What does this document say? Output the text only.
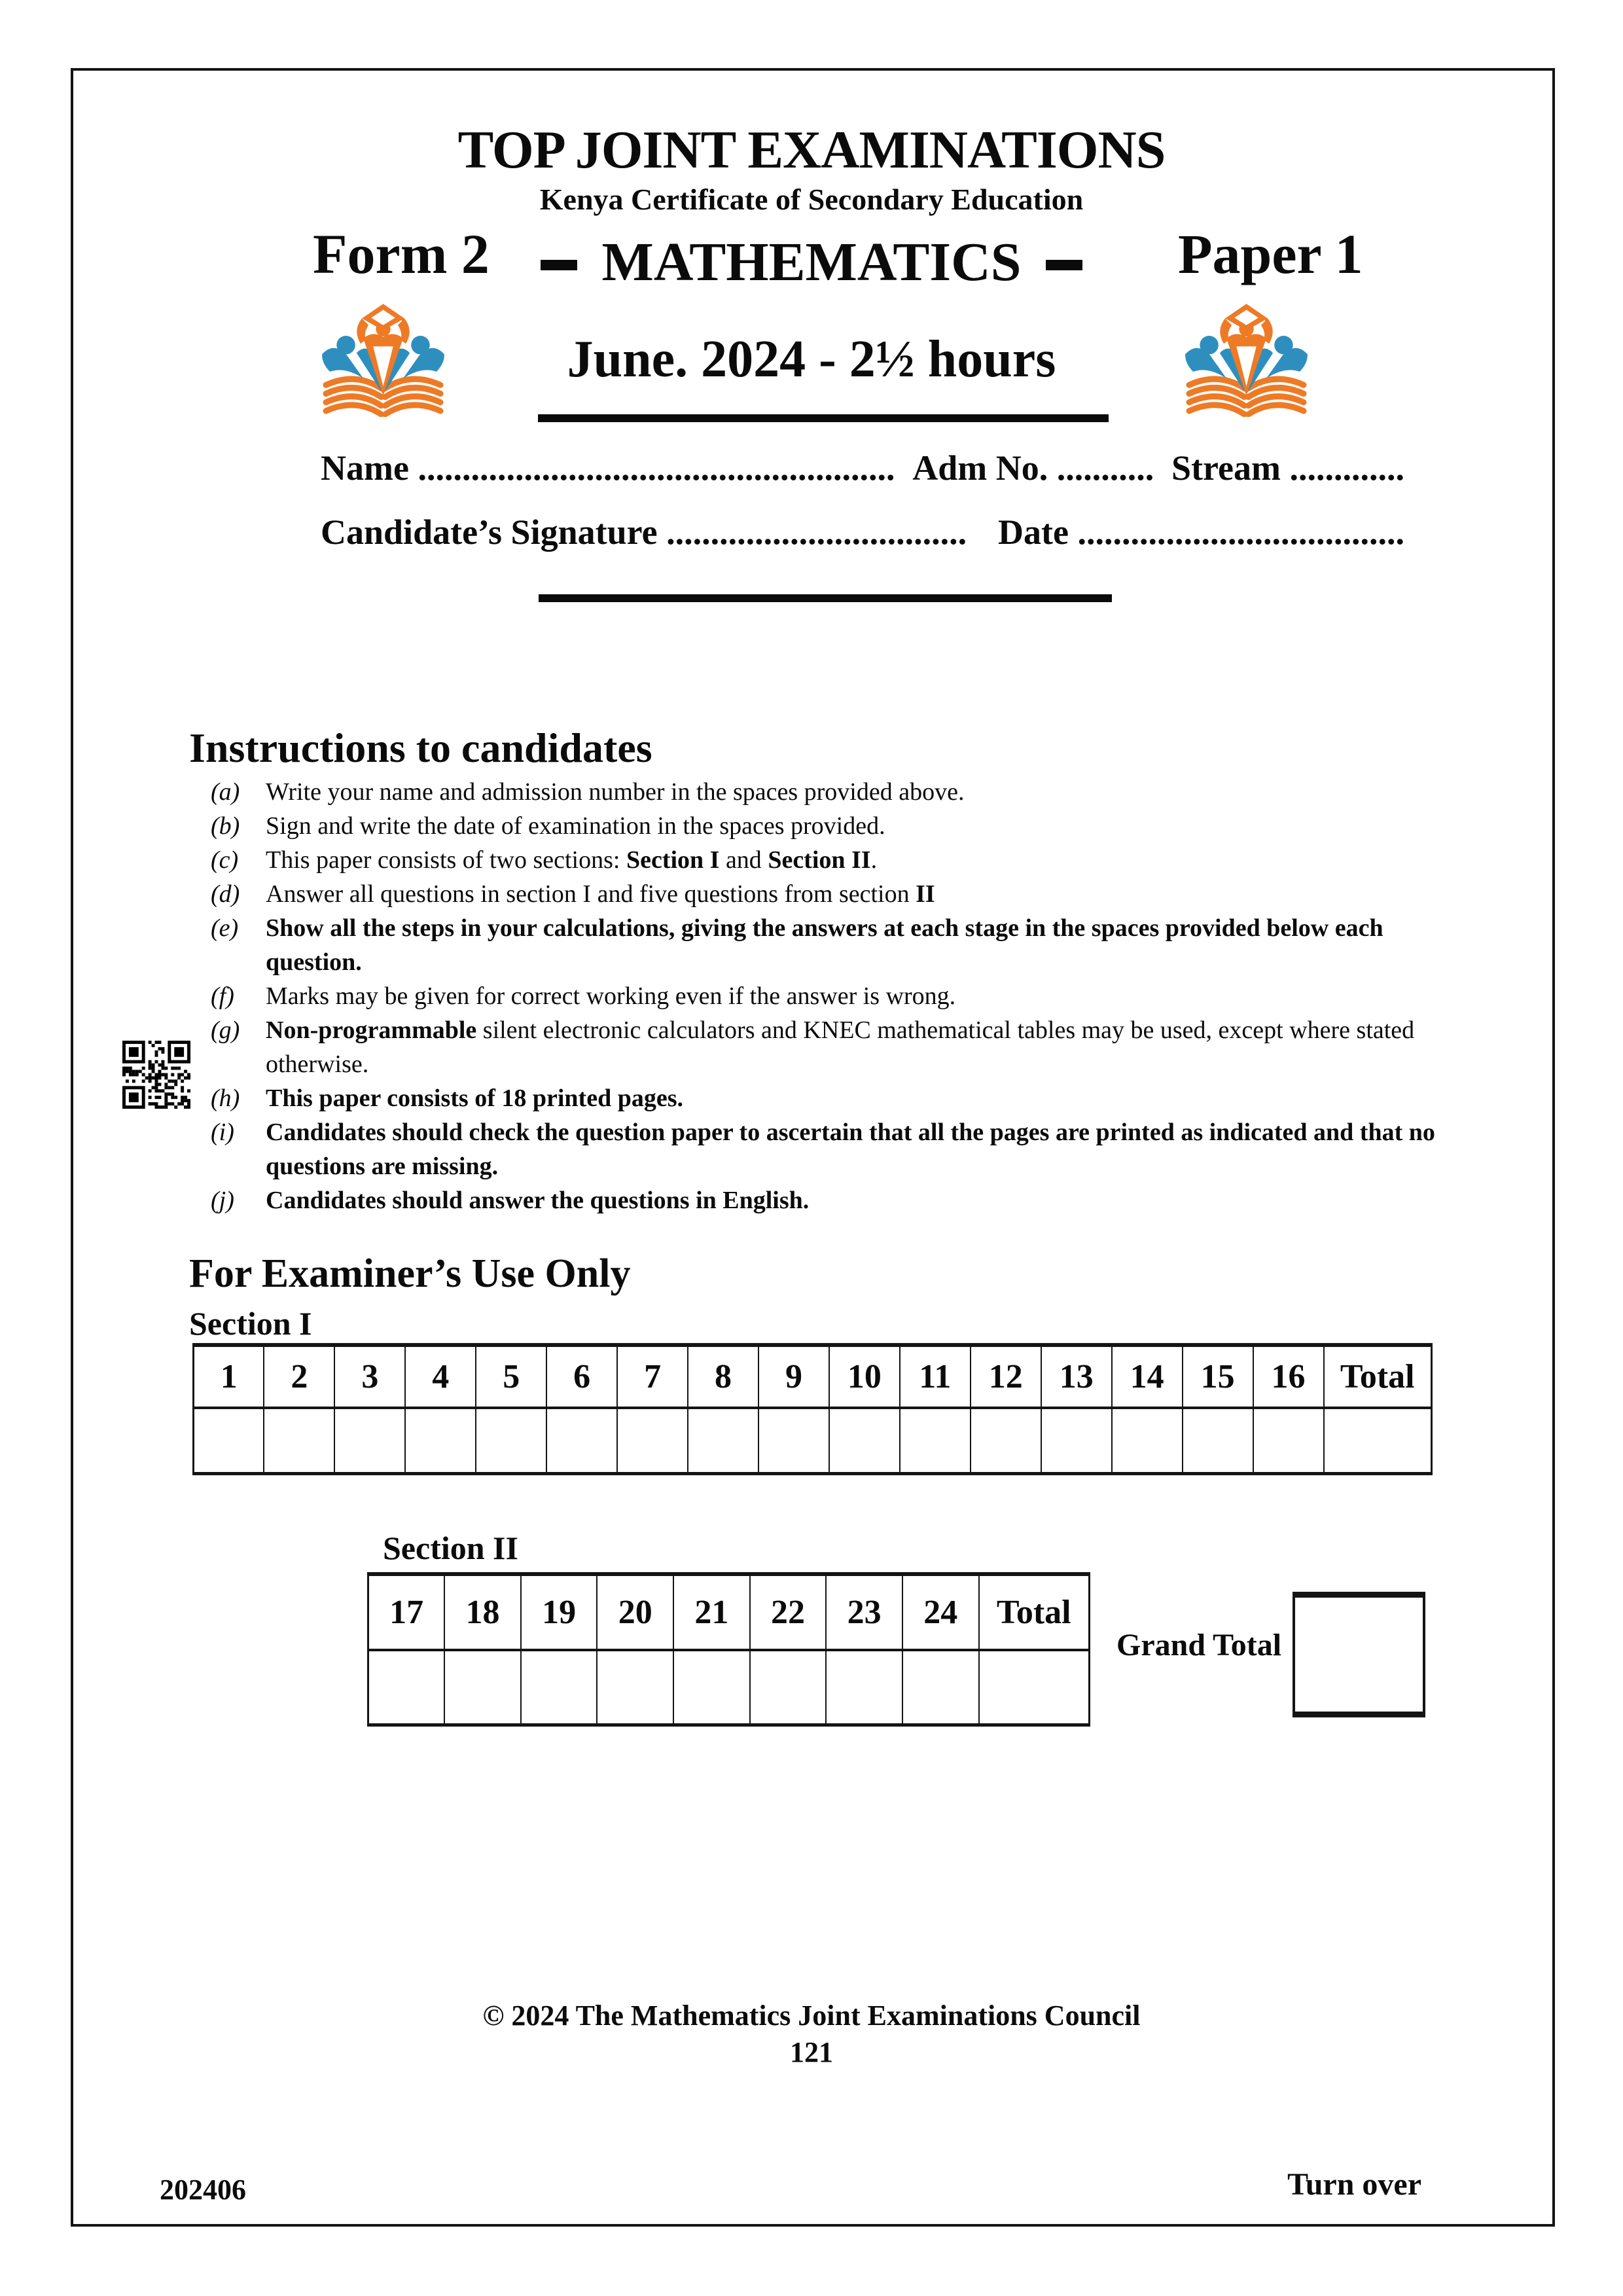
TOP JOINT EXAMINATIONS
Kenya Certificate of Secondary Education
Form 2	MATHEMATICS	Paper 1
June. 2024 - 2½ hours
Name ...................................................... Adm No. ........... Stream .............
Candidate’s Signature .................................. Date .....................................
Instructions to candidates
(a)	Write your name and admission number in the spaces provided above.
(b)	Sign and write the date of examination in the spaces provided.
(c)	This paper consists of two sections: Section I and Section II.
(d)	Answer all questions in section I and five questions from section II
(e)	Show all the steps in your calculations, giving the answers at each stage in the spaces provided below each question.
(f)	Marks may be given for correct working even if the answer is wrong.
(g)	Non-programmable silent electronic calculators and KNEC mathematical tables may be used, except where stated otherwise.
(h)	This paper consists of 18 printed pages.
(i)	Candidates should check the question paper to ascertain that all the pages are printed as indicated and that no questions are missing.
(j)	Candidates should answer the questions in English.
For Examiner’s Use Only
Section I
1	2	3	4	5	6	7	8	9	10	11	12	13	14	15	16	Total

Section II
17	18	19	20	21	22	23	24	Total

Grand Total
© 2024 The Mathematics Joint Examinations Council
121
202406	Turn over
